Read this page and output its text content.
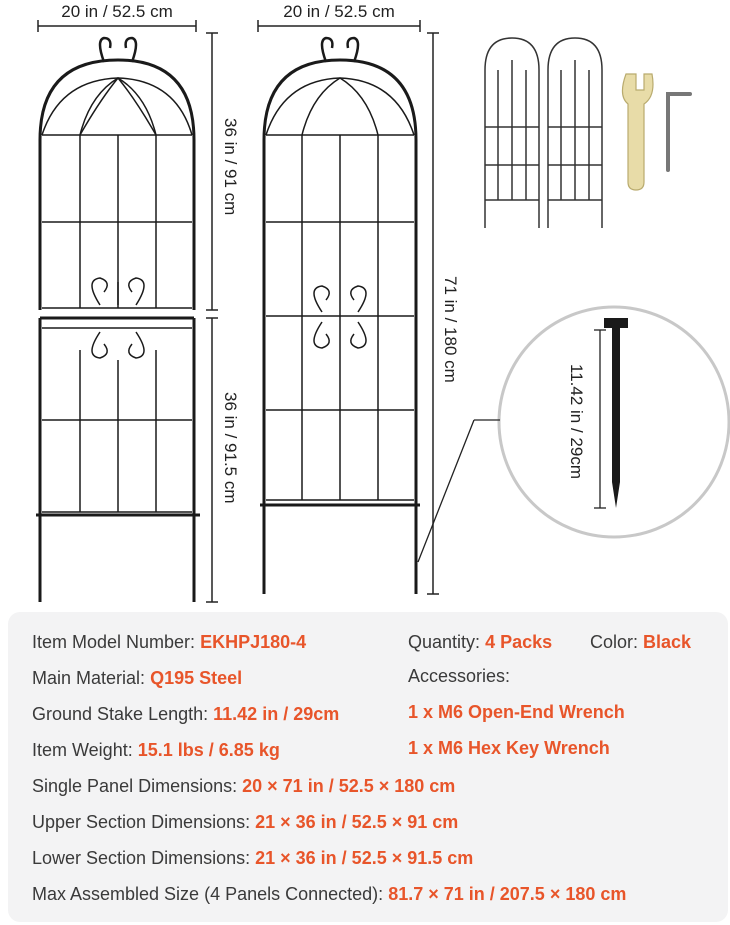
20 in / 52.5 cm	20 in / 52.5 cm
36 in / 91 cm
36 in / 91.5 cm
71 in / 180 cm
11.42 in / 29cm
Item Model Number: EKHPJ180-4	Quantity: 4 Packs Color: Black
Main Material: Q195 Steel	Accessories:
Ground Stake Length: 11.42 in / 29cm	1 x M6 Open-End Wrench
Item Weight: 15.1 lbs / 6.85 kg	1 x M6 Hex Key Wrench
Single Panel Dimensions: 20 × 71 in / 52.5 × 180 cm
Upper Section Dimensions: 21 × 36 in / 52.5 × 91 cm
Lower Section Dimensions: 21 × 36 in / 52.5 × 91.5 cm
Max Assembled Size (4 Panels Connected): 81.7 × 71 in / 207.5 × 180 cm
